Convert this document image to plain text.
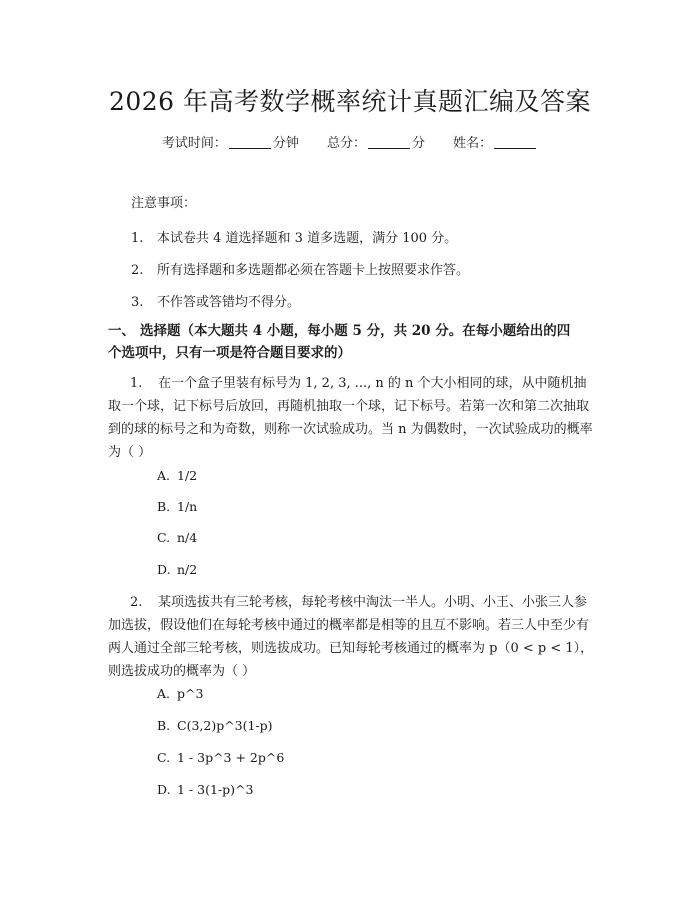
2026 年高考数学概率统计真题汇编及答案
考试时间：	分钟 总分：	分 姓名：
注意事项：
1. 本试卷共 4 道选择题和 3 道多选题，满分 100 分。
2. 所有选择题和多选题都必须在答题卡上按照要求作答。
3. 不作答或答错均不得分。
一、 选择题（本大题共 4 小题，每小题 5 分，共 20 分。在每小题给出的四个选项中，只有一项是符合题目要求的）
1. 在一个盒子里装有标号为 1, 2, 3, ..., n 的 n 个大小相同的球，从中随机抽取一个球，记下标号后放回，再随机抽取一个球，记下标号。若第一次和第二次抽取到的球的标号之和为奇数，则称一次试验成功。当 n 为偶数时，一次试验成功的概率为（ ）
A. 1/2
B. 1/n
C. n/4
D. n/2
2. 某项选拔共有三轮考核，每轮考核中淘汰一半人。小明、小王、小张三人参加选拔，假设他们在每轮考核中通过的概率都是相等的且互不影响。若三人中至少有两人通过全部三轮考核，则选拔成功。已知每轮考核通过的概率为 p（0 < p < 1），则选拔成功的概率为（ ）
A. p^3
B. C(3,2)p^3(1-p)
C. 1 - 3p^3 + 2p^6
D. 1 - 3(1-p)^3
